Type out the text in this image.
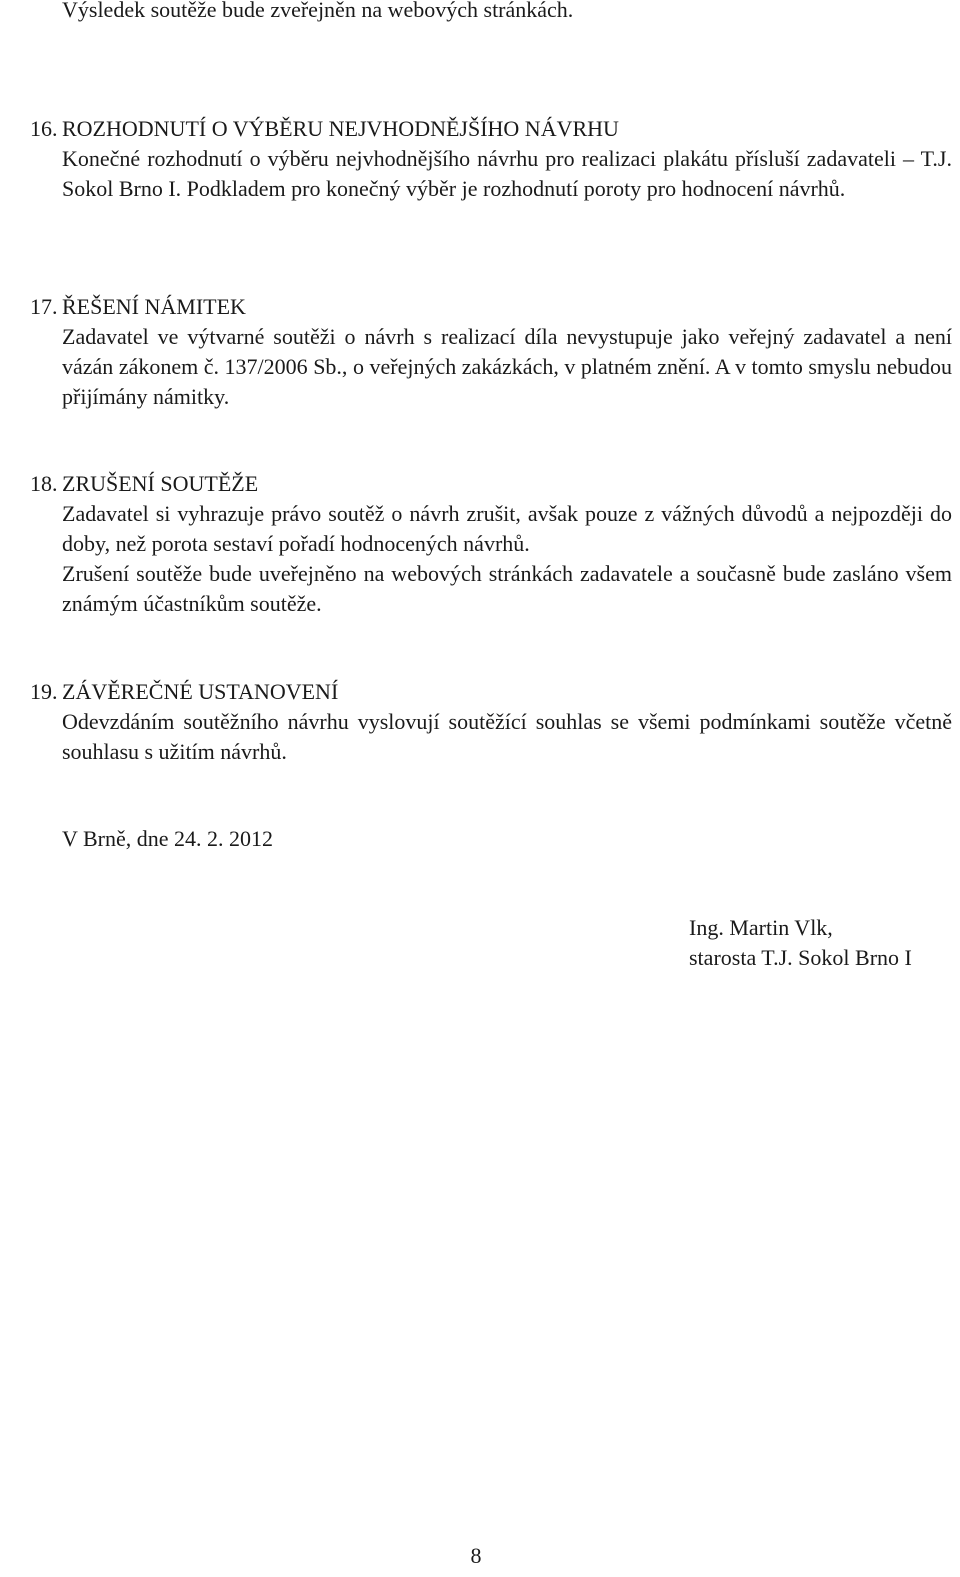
Výsledek soutěže bude zveřejněn na webových stránkách.
16. ROZHODNUTÍ O VÝBĚRU NEJVHODNĚJŠÍHO NÁVRHU

Konečné rozhodnutí o výběru nejvhodnějšího návrhu pro realizaci plakátu přísluší zadavateli – T.J. Sokol Brno I. Podkladem pro konečný výběr je rozhodnutí poroty pro hodnocení návrhů.

17. ŘEŠENÍ NÁMITEK

Zadavatel ve výtvarné soutěži o návrh s realizací díla nevystupuje jako veřejný zadavatel a není vázán zákonem č. 137/2006 Sb., o veřejných zakázkách, v platném znění. A v tomto smyslu nebudou přijímány námitky.

18. ZRUŠENÍ SOUTĚŽE

Zadavatel si vyhrazuje právo soutěž o návrh zrušit, avšak pouze z vážných důvodů a nejpozději do doby, než porota sestaví pořadí hodnocených návrhů.

Zrušení soutěže bude uveřejněno na webových stránkách zadavatele a současně bude zasláno všem známým účastníkům soutěže.

19. ZÁVĚREČNÉ USTANOVENÍ

Odevzdáním soutěžního návrhu vyslovují soutěžící souhlas se všemi podmínkami soutěže včetně souhlasu s užitím návrhů.

V Brně, dne 24. 2. 2012
Ing. Martin Vlk,
starosta T.J. Sokol Brno I
8
